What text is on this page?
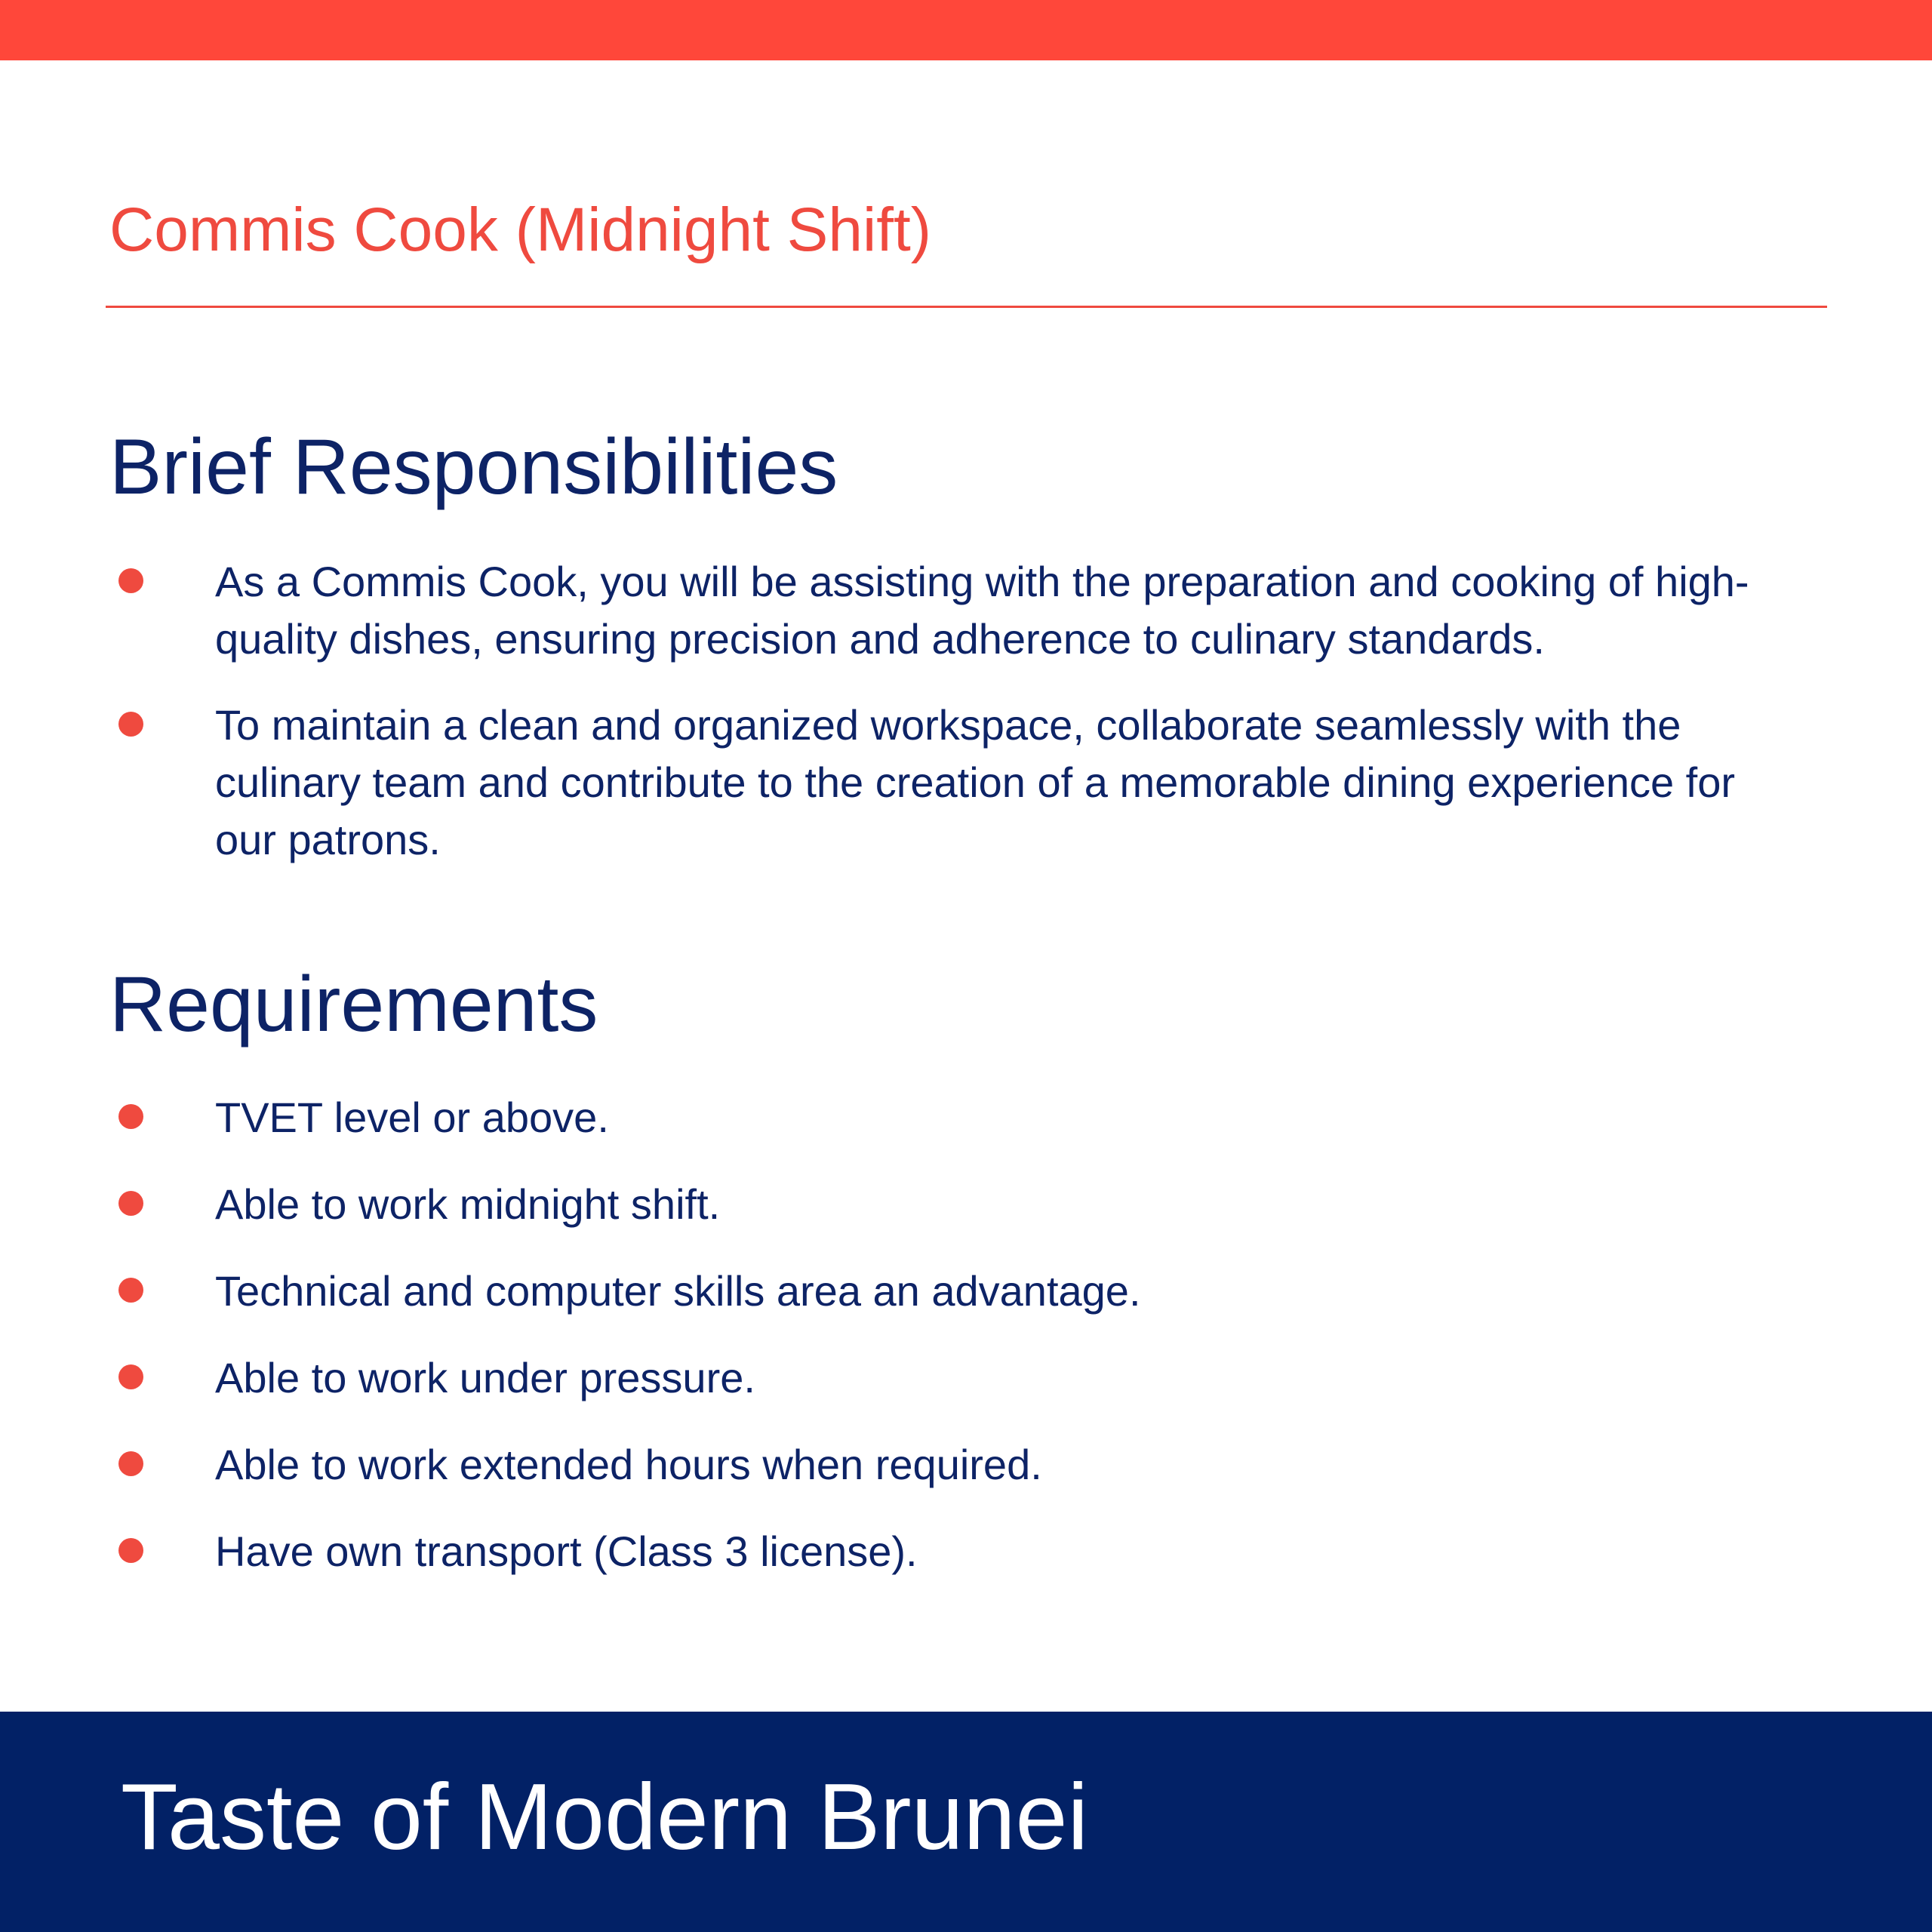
Commis Cook (Midnight Shift)
Brief Responsibilities
As a Commis Cook, you will be assisting with the preparation and cooking of high-quality dishes, ensuring precision and adherence to culinary standards.
To maintain a clean and organized workspace, collaborate seamlessly with the culinary team and contribute to the creation of a memorable dining experience for our patrons.
Requirements
TVET level or above.
Able to work midnight shift.
Technical and computer skills area an advantage.
Able to work under pressure.
Able to work extended hours when required.
Have own transport (Class 3 license).

Taste of Modern Brunei
